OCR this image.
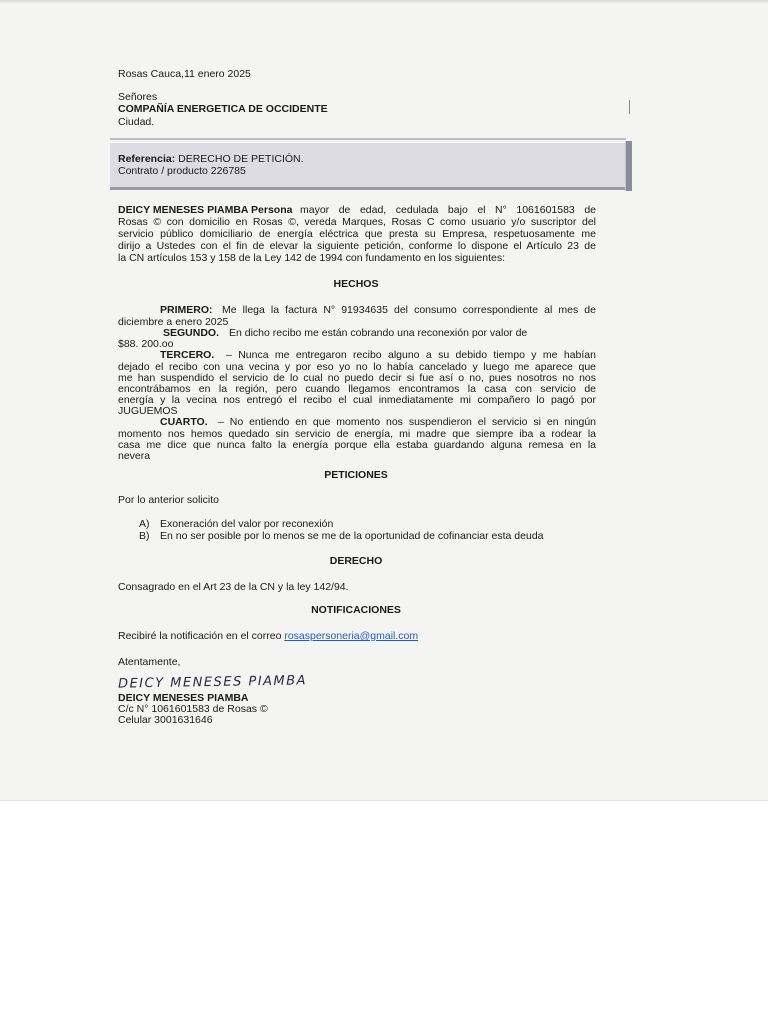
Rosas Cauca,11 enero 2025
Señores
COMPAÑÍA ENERGETICA DE OCCIDENTE
Ciudad.
Referencia: DERECHO DE PETICIÓN.
Contrato / producto 226785
DEICY MENESES PIAMBA Persona mayor de edad, cedulada bajo el N° 1061601583 de
Rosas © con domicilio en Rosas ©, vereda Marques, Rosas C como usuario y/o suscriptor del
servicio público domiciliario de energía eléctrica que presta su Empresa, respetuosamente me
dirijo a Ustedes con el fin de elevar la siguiente petición, conforme lo dispone el Artículo 23 de
la CN artículos 153 y 158 de la Ley 142 de 1994 con fundamento en los siguientes:
HECHOS
PRIMERO: Me llega la factura N° 91934635 del consumo correspondiente al mes de
diciembre a enero 2025
SEGUNDO. En dicho recibo me están cobrando una reconexión por valor de
$88. 200.oo
TERCERO. – Nunca me entregaron recibo alguno a su debido tiempo y me habían
dejado el recibo con una vecina y por eso yo no lo había cancelado y luego me aparece que
me han suspendido el servicio de lo cual no puedo decir si fue así o no, pues nosotros no nos
encontrábamos en la región, pero cuando llegamos encontramos la casa con servicio de
energía y la vecina nos entregó el recibo el cual inmediatamente mi compañero lo pagó por
JUGUEMOS
CUARTO. – No entiendo en que momento nos suspendieron el servicio si en ningún
momento nos hemos quedado sin servicio de energía, mi madre que siempre iba a rodear la
casa me dice que nunca falto la energía porque ella estaba guardando alguna remesa en la
nevera
PETICIONES
Por lo anterior solicito
A) Exoneración del valor por reconexión
B) En no ser posible por lo menos se me de la oportunidad de cofinanciar esta deuda
DERECHO
Consagrado en el Art 23 de la CN y la ley 142/94.
NOTIFICACIONES
Recibiré la notificación en el correo rosaspersoneria@gmail.com
Atentamente,
DEICY MENESES PIAMBA
DEICY MENESES PIAMBA
C/c N° 1061601583 de Rosas ©
Celular 3001631646
